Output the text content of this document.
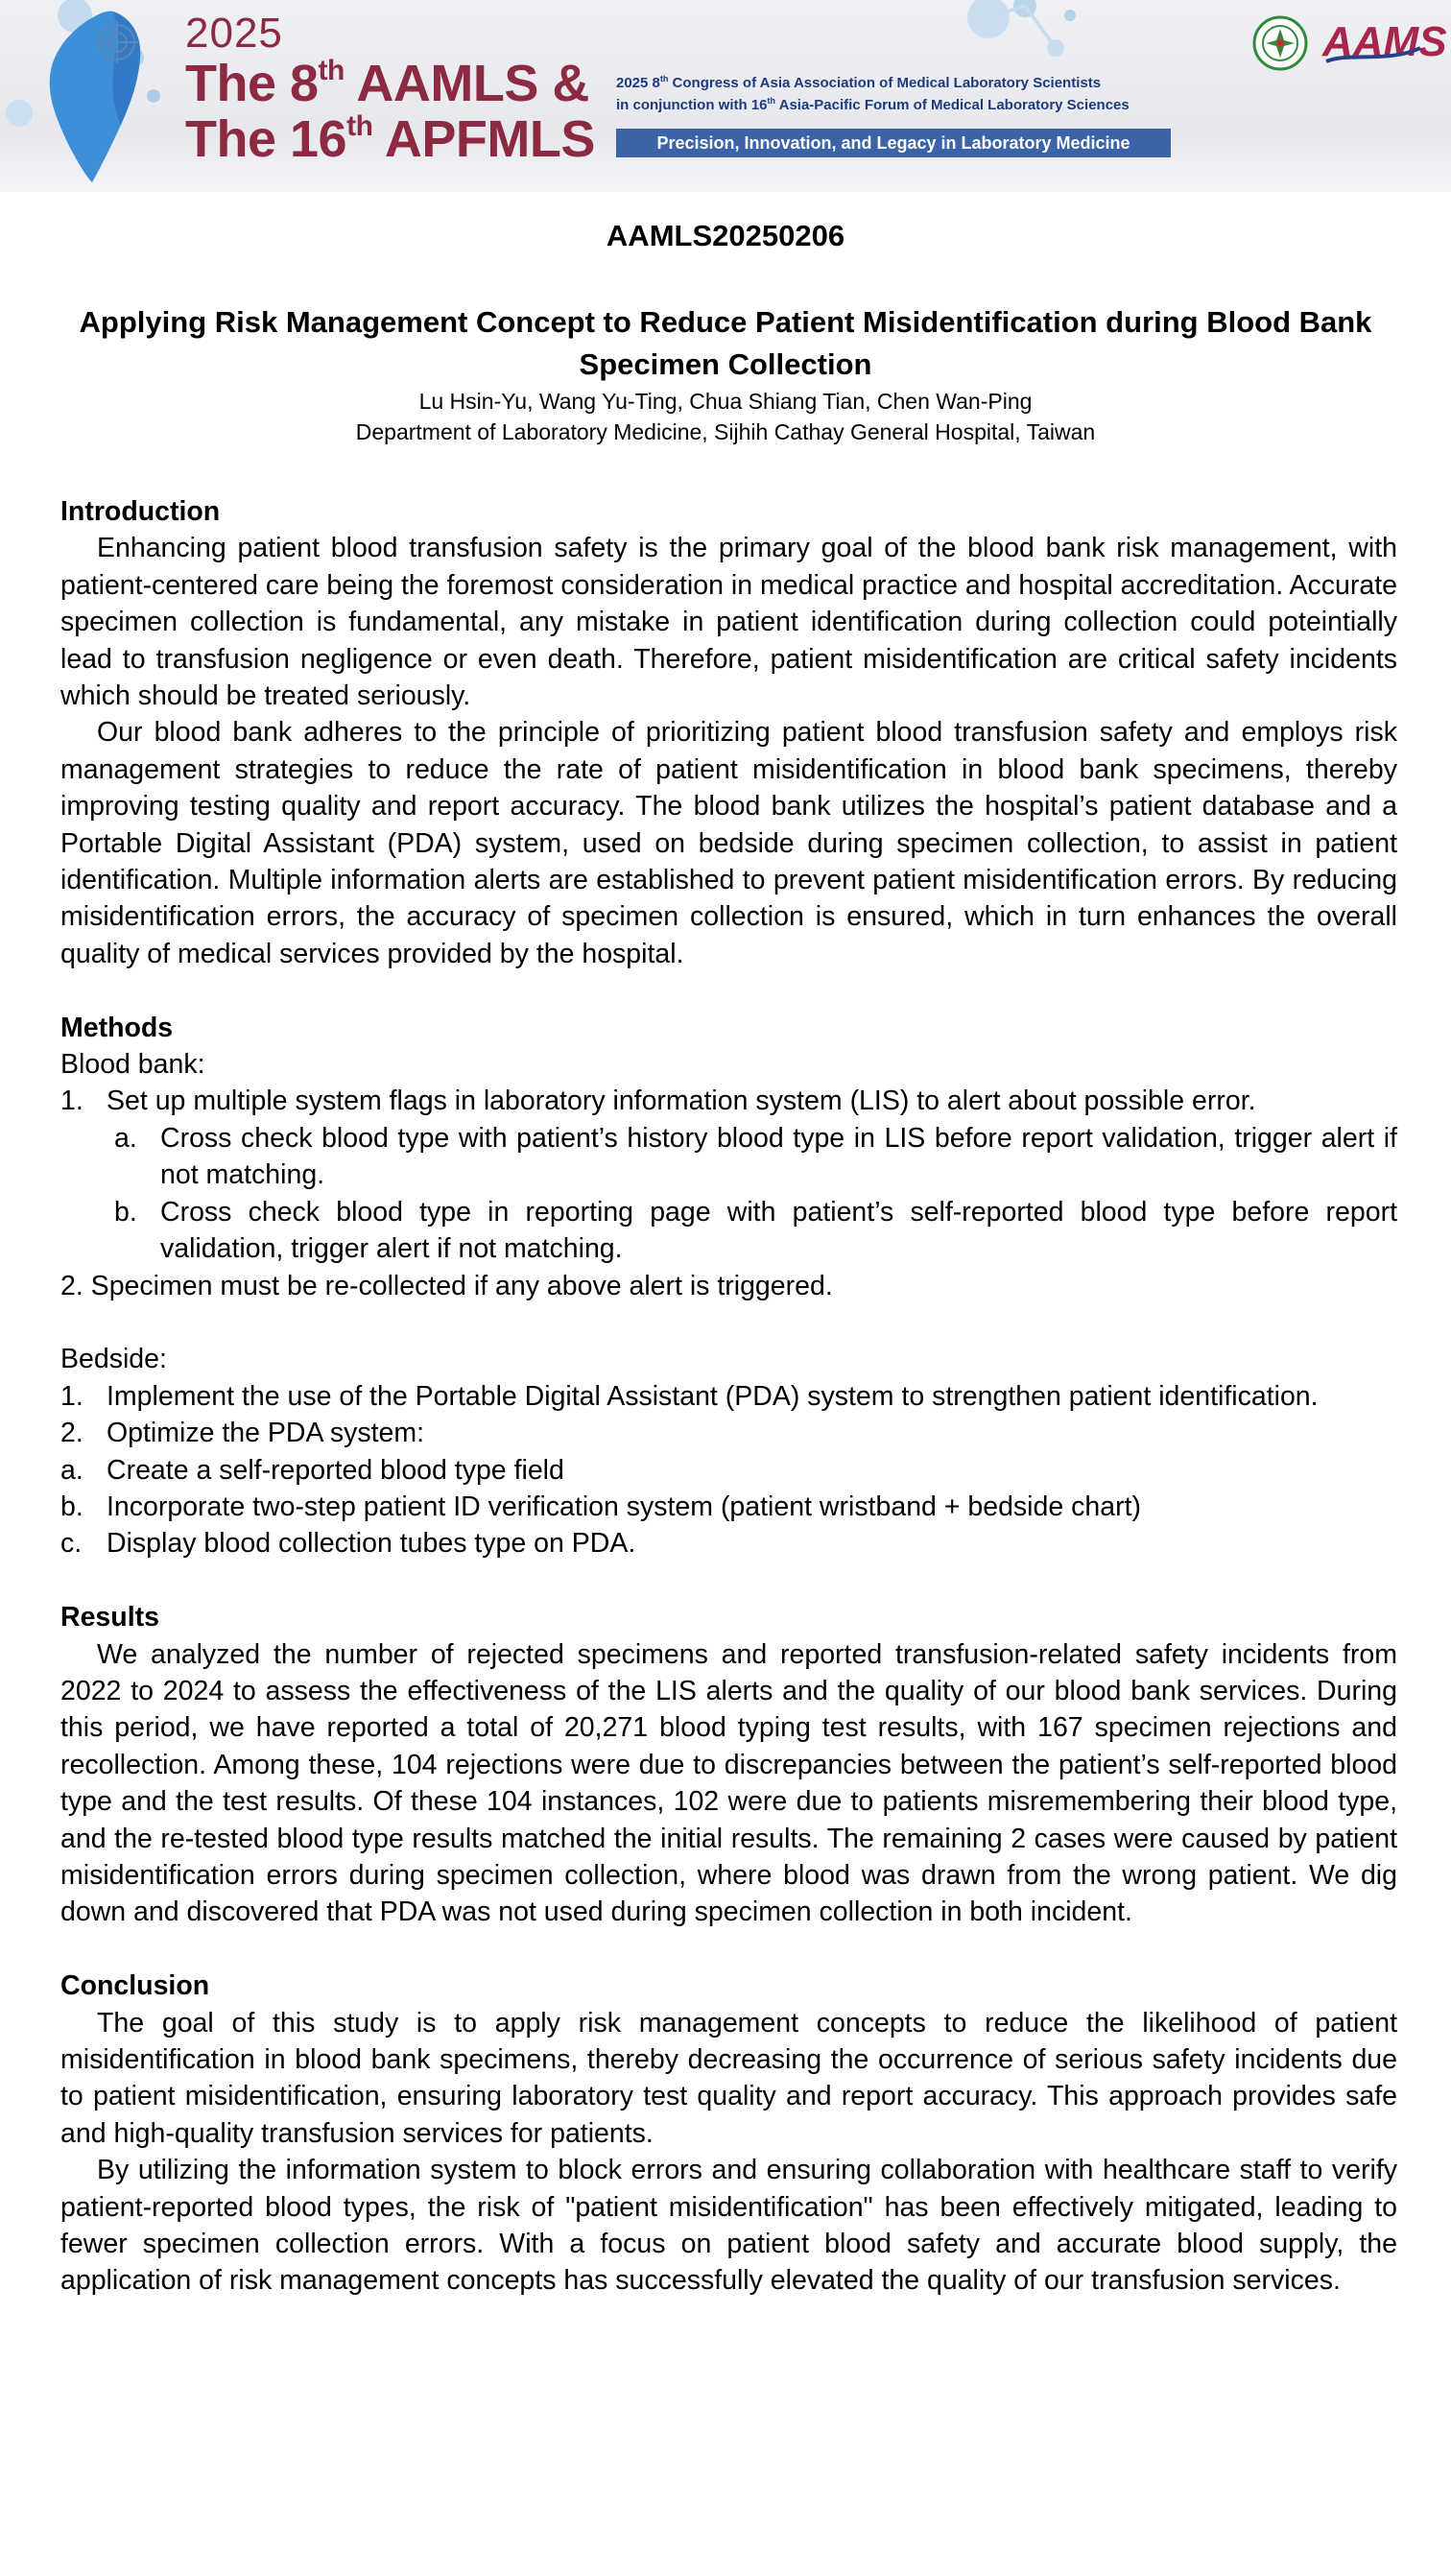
2025
The 8th AAMLS &
The 16th APFMLS
2025 8th Congress of Asia Association of Medical Laboratory Scientists
in conjunction with 16th Asia-Pacific Forum of Medical Laboratory Sciences
Precision, Innovation, and Legacy in Laboratory Medicine
AAMS
AAMLS20250206
Applying Risk Management Concept to Reduce Patient Misidentification during Blood Bank Specimen Collection
Lu Hsin-Yu, Wang Yu-Ting, Chua Shiang Tian, Chen Wan-Ping
Department of Laboratory Medicine, Sijhih Cathay General Hospital, Taiwan

Introduction

Enhancing patient blood transfusion safety is the primary goal of the blood bank risk management, with patient-centered care being the foremost consideration in medical practice and hospital accreditation. Accurate specimen collection is fundamental, any mistake in patient identification during collection could poteintially lead to transfusion negligence or even death. Therefore, patient misidentification are critical safety incidents which should be treated seriously.

Our blood bank adheres to the principle of prioritizing patient blood transfusion safety and employs risk management strategies to reduce the rate of patient misidentification in blood bank specimens, thereby improving testing quality and report accuracy. The blood bank utilizes the hospital’s patient database and a Portable Digital Assistant (PDA) system, used on bedside during specimen collection, to assist in patient identification. Multiple information alerts are established to prevent patient misidentification errors. By reducing misidentification errors, the accuracy of specimen collection is ensured, which in turn enhances the overall quality of medical services provided by the hospital.

Methods

Blood bank:

1. Set up multiple system flags in laboratory information system (LIS) to alert about possible error.

a. Cross check blood type with patient’s history blood type in LIS before report validation, trigger alert if not matching.

b. Cross check blood type in reporting page with patient’s self-reported blood type before report validation, trigger alert if not matching.

2. Specimen must be re-collected if any above alert is triggered.

Bedside:

1. Implement the use of the Portable Digital Assistant (PDA) system to strengthen patient identification.

2. Optimize the PDA system:

a. Create a self-reported blood type field

b. Incorporate two-step patient ID verification system (patient wristband + bedside chart)

c. Display blood collection tubes type on PDA.

Results

We analyzed the number of rejected specimens and reported transfusion-related safety incidents from 2022 to 2024 to assess the effectiveness of the LIS alerts and the quality of our blood bank services. During this period, we have reported a total of 20,271 blood typing test results, with 167 specimen rejections and recollection. Among these, 104 rejections were due to discrepancies between the patient’s self-reported blood type and the test results. Of these 104 instances, 102 were due to patients misremembering their blood type, and the re-tested blood type results matched the initial results. The remaining 2 cases were caused by patient misidentification errors during specimen collection, where blood was drawn from the wrong patient. We dig down and discovered that PDA was not used during specimen collection in both incident.

Conclusion

The goal of this study is to apply risk management concepts to reduce the likelihood of patient misidentification in blood bank specimens, thereby decreasing the occurrence of serious safety incidents due to patient misidentification, ensuring laboratory test quality and report accuracy. This approach provides safe and high-quality transfusion services for patients.

By utilizing the information system to block errors and ensuring collaboration with healthcare staff to verify patient-reported blood types, the risk of "patient misidentification" has been effectively mitigated, leading to fewer specimen collection errors. With a focus on patient blood safety and accurate blood supply, the application of risk management concepts has successfully elevated the quality of our transfusion services.
